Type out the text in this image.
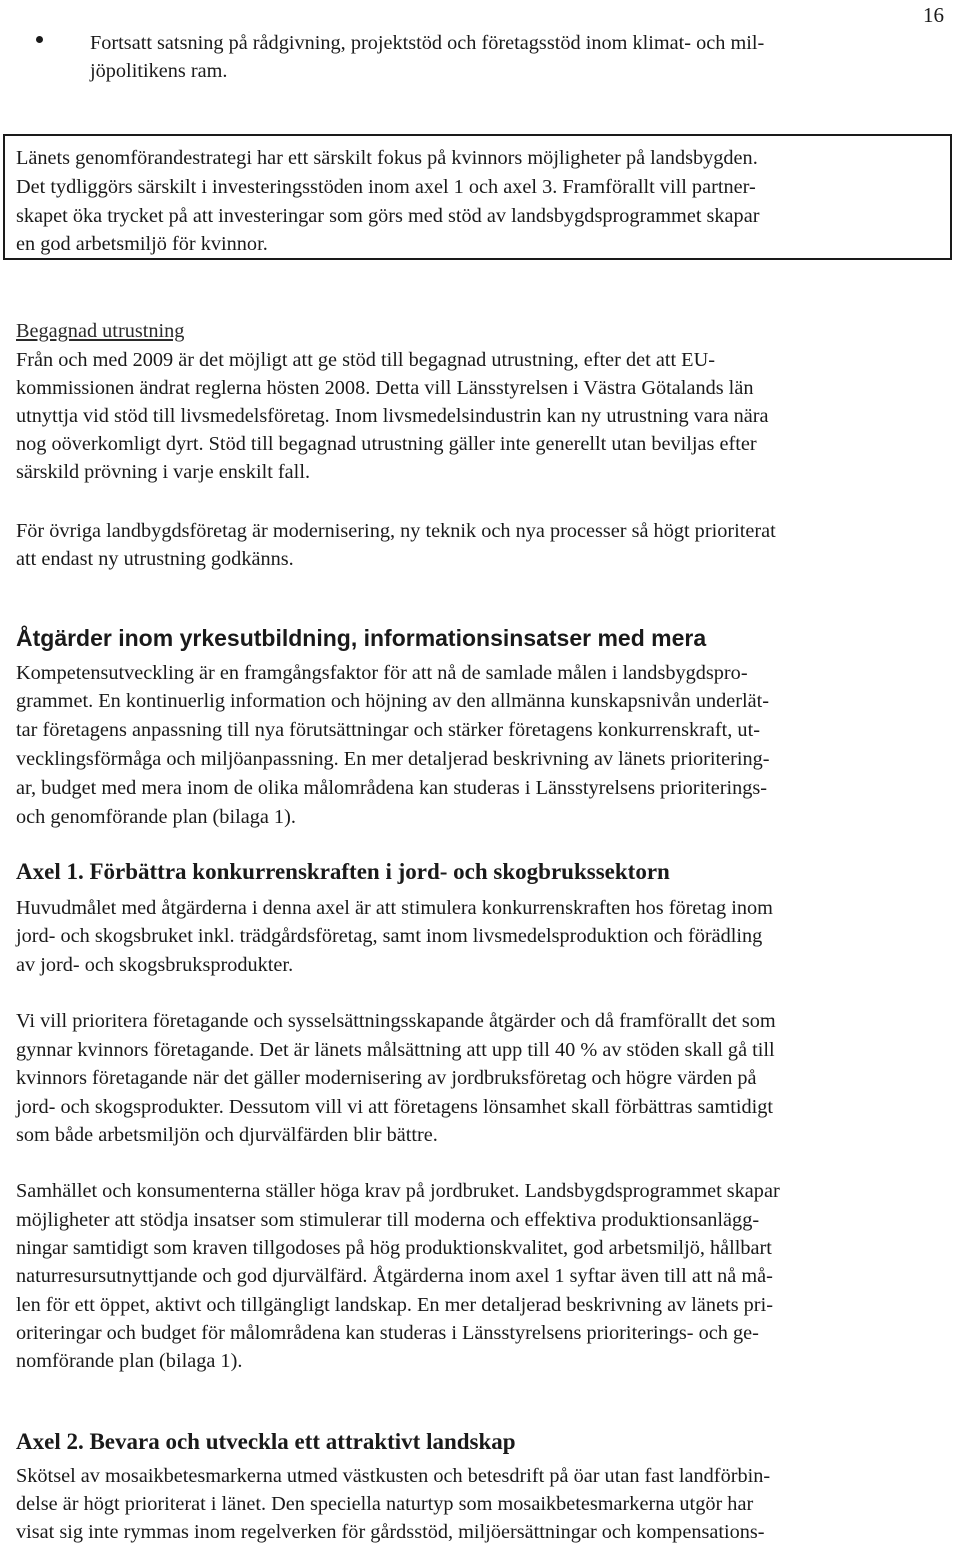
16
Fortsatt satsning på rådgivning, projektstöd och företagsstöd inom klimat- och mil-
jöpolitikens ram.
Länets genomförandestrategi har ett särskilt fokus på kvinnors möjligheter på landsbygden.
Det tydliggörs särskilt i investeringsstöden inom axel 1 och axel 3. Framförallt vill partner-
skapet öka trycket på att investeringar som görs med stöd av landsbygdsprogrammet skapar
en god arbetsmiljö för kvinnor.
Begagnad utrustning
Från och med 2009 är det möjligt att ge stöd till begagnad utrustning, efter det att EU-
kommissionen ändrat reglerna hösten 2008. Detta vill Länsstyrelsen i Västra Götalands län
utnyttja vid stöd till livsmedelsföretag. Inom livsmedelsindustrin kan ny utrustning vara nära
nog oöverkomligt dyrt. Stöd till begagnad utrustning gäller inte generellt utan beviljas efter
särskild prövning i varje enskilt fall.
För övriga landbygdsföretag är modernisering, ny teknik och nya processer så högt prioriterat
att endast ny utrustning godkänns.
Åtgärder inom yrkesutbildning, informationsinsatser med mera
Kompetensutveckling är en framgångsfaktor för att nå de samlade målen i landsbygdspro-
grammet. En kontinuerlig information och höjning av den allmänna kunskapsnivån underlät-
tar företagens anpassning till nya förutsättningar och stärker företagens konkurrenskraft, ut-
vecklingsförmåga och miljöanpassning. En mer detaljerad beskrivning av länets prioritering-
ar, budget med mera inom de olika målområdena kan studeras i Länsstyrelsens prioriterings-
och genomförande plan (bilaga 1).
Axel 1. Förbättra konkurrenskraften i jord- och skogbrukssektorn
Huvudmålet med åtgärderna i denna axel är att stimulera konkurrenskraften hos företag inom
jord- och skogsbruket inkl. trädgårdsföretag, samt inom livsmedelsproduktion och förädling
av jord- och skogsbruksprodukter.
Vi vill prioritera företagande och sysselsättningsskapande åtgärder och då framförallt det som
gynnar kvinnors företagande. Det är länets målsättning att upp till 40 % av stöden skall gå till
kvinnors företagande när det gäller modernisering av jordbruksföretag och högre värden på
jord- och skogsprodukter. Dessutom vill vi att företagens lönsamhet skall förbättras samtidigt
som både arbetsmiljön och djurvälfärden blir bättre.
Samhället och konsumenterna ställer höga krav på jordbruket. Landsbygdsprogrammet skapar
möjligheter att stödja insatser som stimulerar till moderna och effektiva produktionsanlägg-
ningar samtidigt som kraven tillgodoses på hög produktionskvalitet, god arbetsmiljö, hållbart
naturresursutnyttjande och god djurvälfärd. Åtgärderna inom axel 1 syftar även till att nå må-
len för ett öppet, aktivt och tillgängligt landskap. En mer detaljerad beskrivning av länets pri-
oriteringar och budget för målområdena kan studeras i Länsstyrelsens prioriterings- och ge-
nomförande plan (bilaga 1).
Axel 2. Bevara och utveckla ett attraktivt landskap
Skötsel av mosaikbetesmarkerna utmed västkusten och betesdrift på öar utan fast landförbin-
delse är högt prioriterat i länet. Den speciella naturtyp som mosaikbetesmarkerna utgör har
visat sig inte rymmas inom regelverken för gårdsstöd, miljöersättningar och kompensations-
